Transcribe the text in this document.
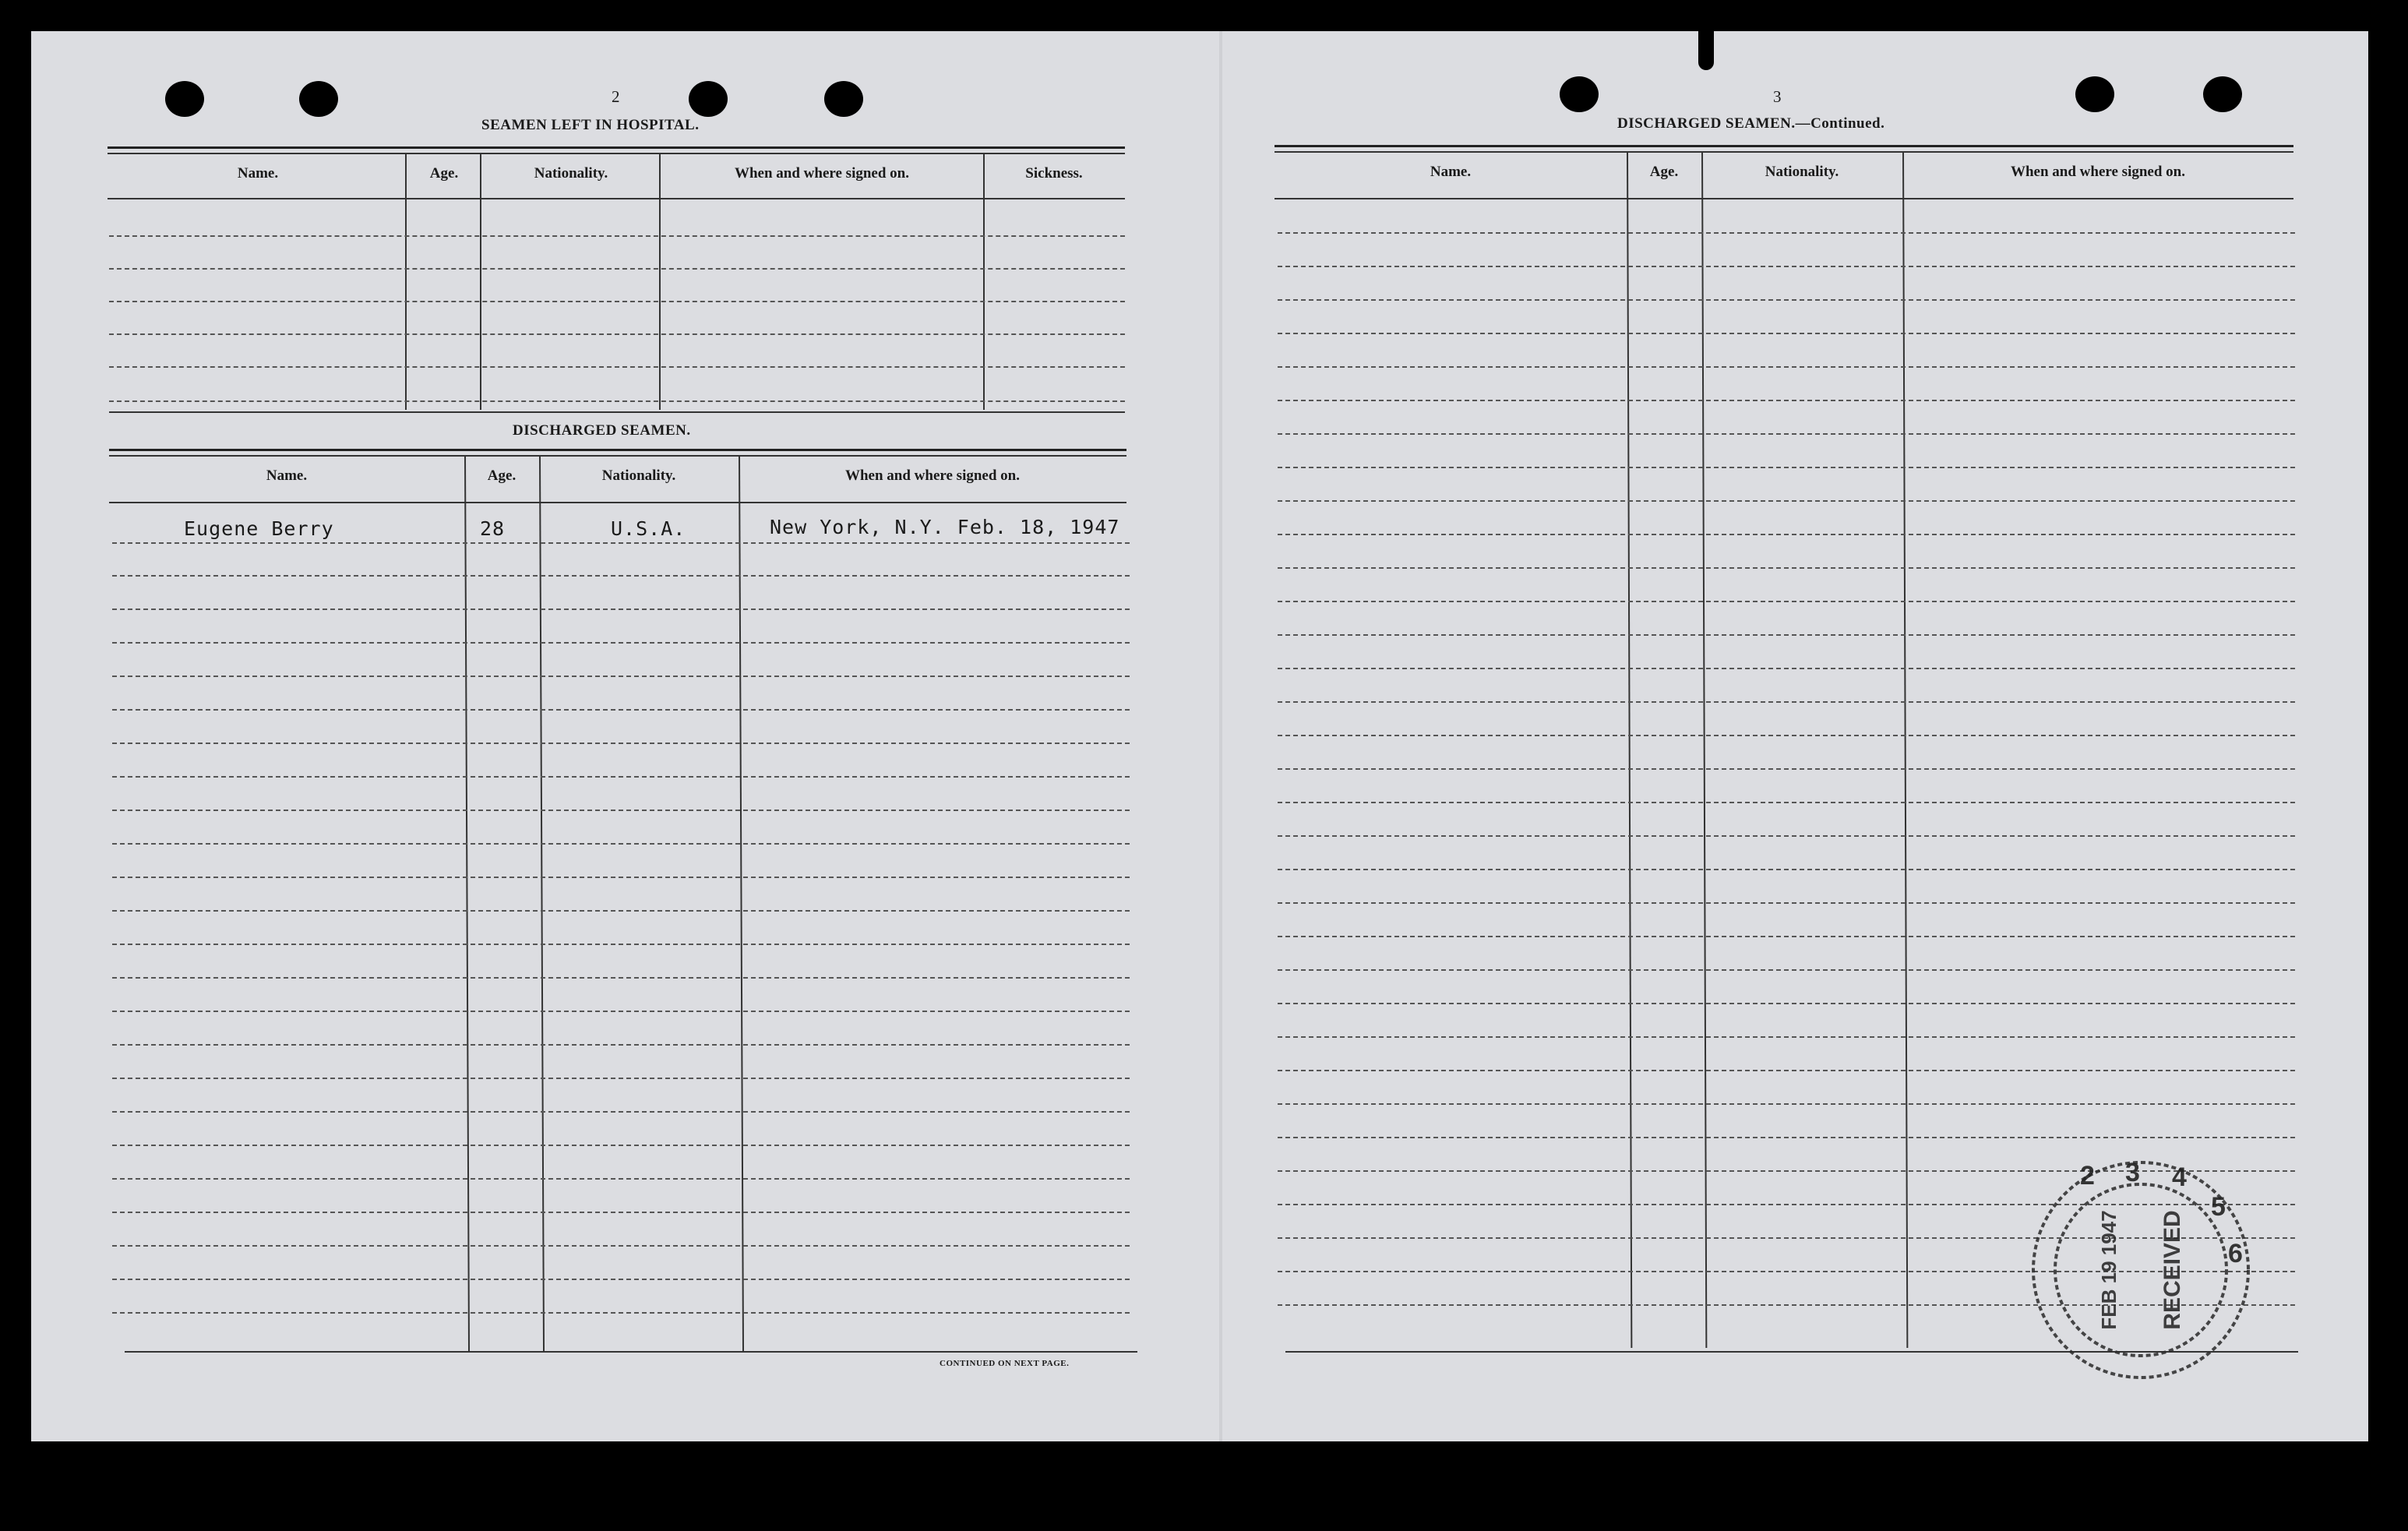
2
SEAMEN LEFT IN HOSPITAL.
Name.	Age.	Nationality.	When and where signed on.	Sickness.
DISCHARGED SEAMEN.
Name.	Age.	Nationality.	When and where signed on.
Eugene Berry	28	U.S.A.	New York, N.Y. Feb. 18, 1947
CONTINUED ON NEXT PAGE.
3
DISCHARGED SEAMEN.—Continued.
Name.	Age.	Nationality.	When and where signed on.
2 3 4
5
6
FEB 19 1947 RECEIVED
